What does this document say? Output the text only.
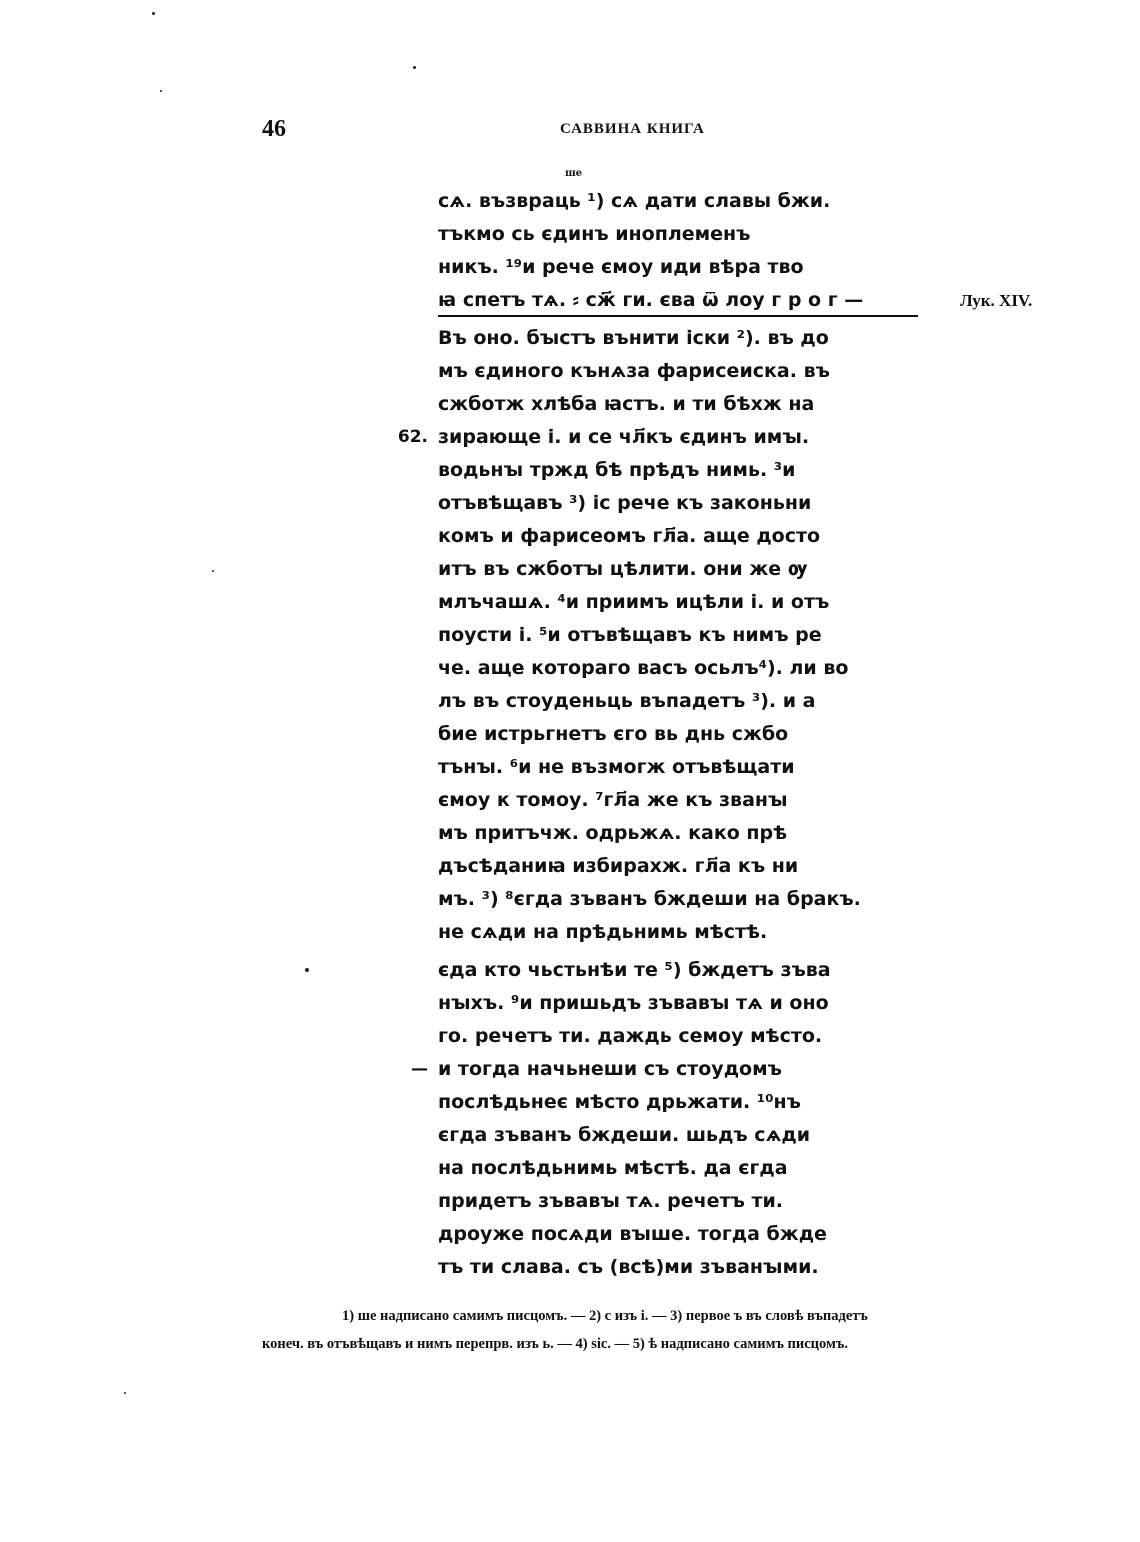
46	САВВИНА КНИГА
ше
сѧ. възвраць ¹) сѧ дати славы бжи.
тъкмо сь єдинъ иноплеменъ
никъ. ¹⁹и рече ємоу иди вѣра тво
ꙗ спетъ тѧ. ⸗ сж҃ ги. єва ѿ лоу г р о г —	Лук. XIV.
Въ оно. бꙑстъ вънити іски ²). въ до
мъ єдиного кънѧза фарисеиска. въ
сжботж хлѣба ꙗстъ. и ти бѣхж на
зирающе і. и се чл҃къ єдинъ имꙑ.
62.
водьнꙑ тржд бѣ прѣдъ нимь. ³и
отъвѣщавъ ³) іс рече къ законьни
комъ и фарисеомъ гл҃а. аще досто
итъ въ сжботꙑ цѣлити. они же ѹ
млъчашѧ. ⁴и приимъ ицѣли і. и отъ
поусти і. ⁵и отъвѣщавъ къ нимъ ре
че. аще котораго васъ осьлъ⁴). ли во
лъ въ стоуденьць въпадетъ ³). и а
бие истрьгнетъ єго вь днь сжбо
тънꙑ. ⁶и не възмогж отъвѣщати
ємоу к томоу. ⁷гл҃а же къ званꙑ
мъ притъчж. одрьжѧ. како прѣ
дъсѣданиꙗ избирахж. гл҃а къ ни
мъ. ³) ⁸єгда зъванъ бждеши на бракъ.
не сѧди на прѣдьнимь мѣстѣ.
єда кто чьстьнѣи те ⁵) бждетъ зъва
нꙑхъ. ⁹и пришьдъ зъвавꙑ тѧ и оно
го. речетъ ти. даждь семоу мѣсто.
и тогда начьнеши съ стоудомъ
—
послѣдьнеє мѣсто дрьжати. ¹⁰нъ
єгда зъванъ бждеши. шьдъ сѧди
на послѣдьнимь мѣстѣ. да єгда
придетъ зъвавꙑ тѧ. речетъ ти.
дроуже посѧди вꙑше. тогда бжде
тъ ти слава. съ (всѣ)ми зъванꙑми.
1) ше надписано самимъ писцомъ. — 2) с изъ і. — 3) первое ъ въ словѣ въпадетъ
конеч. въ отъвѣщавъ и нимъ перепрв. изъ ь. — 4) sic. — 5) ѣ надписано самимъ писцомъ.
